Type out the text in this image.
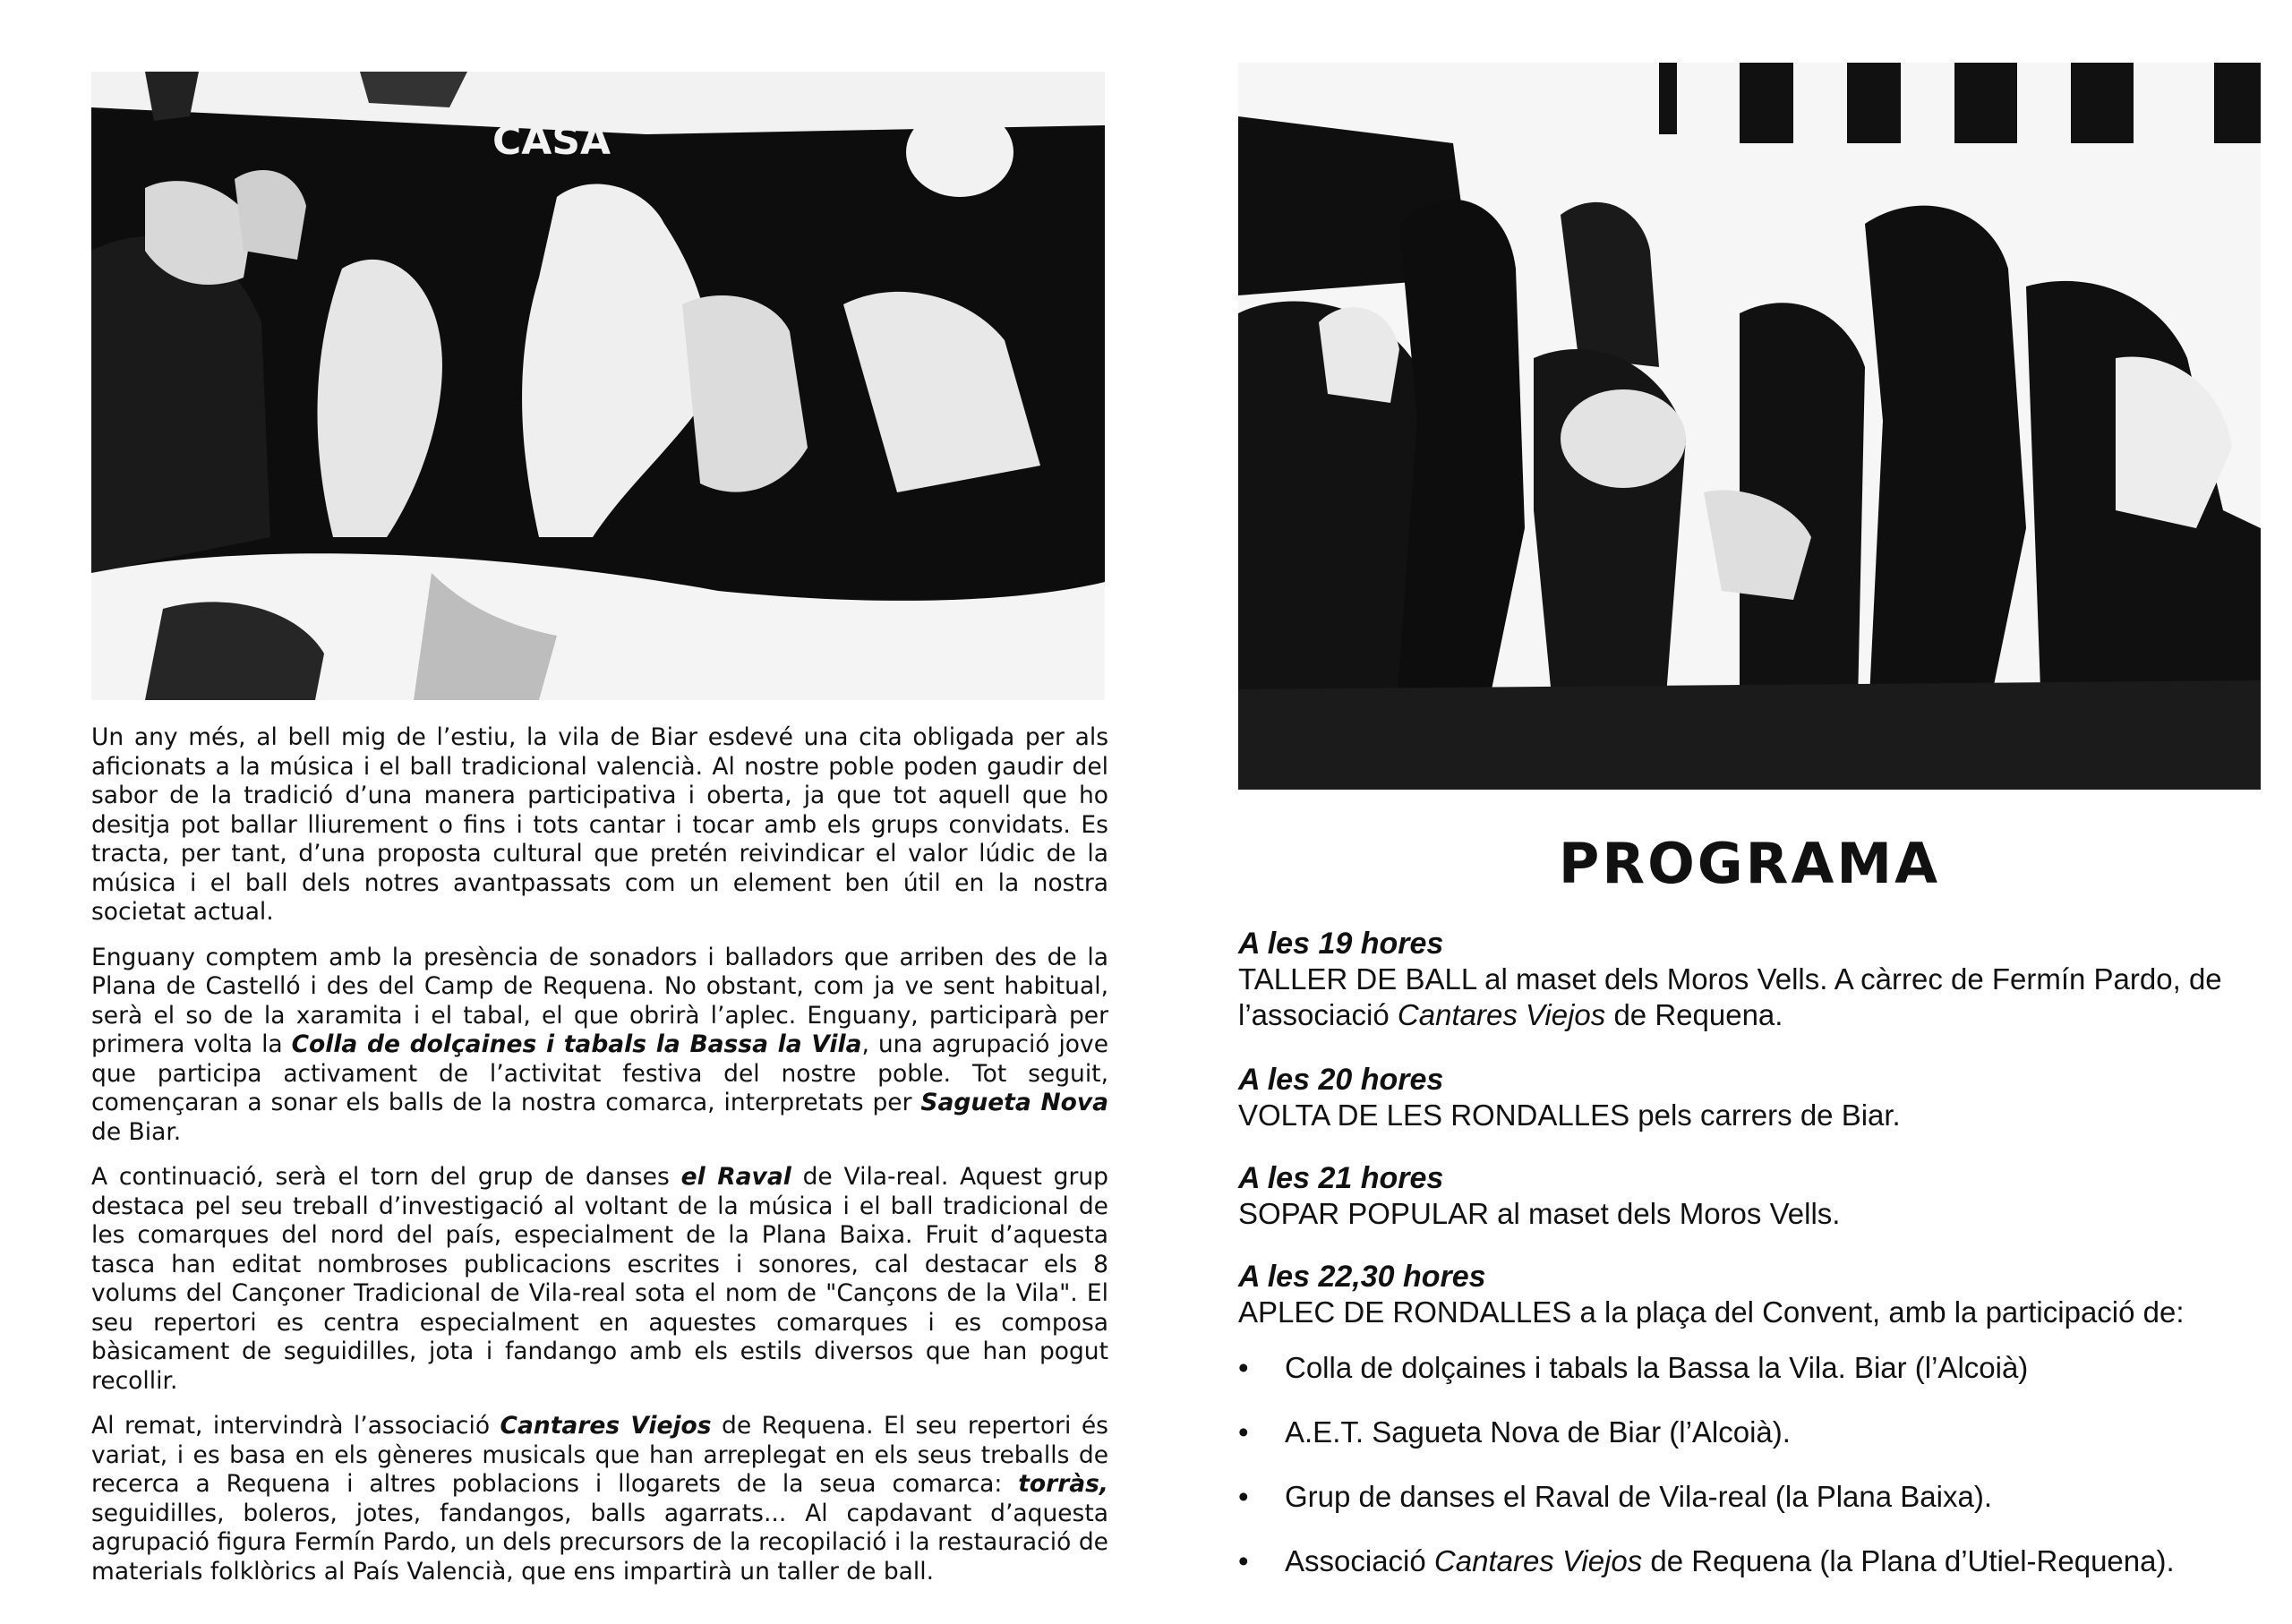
CASA

Un any més, al bell mig de l’estiu, la vila de Biar esdevé una cita obligada per als aficionats a la música i el ball tradicional valencià. Al nostre poble poden gaudir del sabor de la tradició d’una manera participativa i oberta, ja que tot aquell que ho desitja pot ballar lliurement o fins i tots cantar i tocar amb els grups convidats. Es tracta, per tant, d’una proposta cultural que pretén reivindicar el valor lúdic de la música i el ball dels notres avantpassats com un element ben útil en la nostra societat actual.

Enguany comptem amb la presència de sonadors i balladors que arriben des de la Plana de Castelló i des del Camp de Requena. No obstant, com ja ve sent habitual, serà el so de la xaramita i el tabal, el que obrirà l’aplec. Enguany, participarà per primera volta la Colla de dolçaines i tabals la Bassa la Vila, una agrupació jove que participa activament de l’activitat festiva del nostre poble. Tot seguit, començaran a sonar els balls de la nostra comarca, interpretats per Sagueta Nova de Biar.

A continuació, serà el torn del grup de danses el Raval de Vila-real. Aquest grup destaca pel seu treball d’investigació al voltant de la música i el ball tradicional de les comarques del nord del país, especialment de la Plana Baixa. Fruit d’aquesta tasca han editat nombroses publicacions escrites i sonores, cal destacar els 8 volums del Cançoner Tradicional de Vila-real sota el nom de "Cançons de la Vila". El seu repertori es centra especialment en aquestes comarques i es composa bàsicament de seguidilles, jota i fandango amb els estils diversos que han pogut recollir.

Al remat, intervindrà l’associació Cantares Viejos de Requena. El seu repertori és variat, i es basa en els gèneres musicals que han arreplegat en els seus treballs de recerca a Requena i altres poblacions i llogarets de la seua comarca: torràs, seguidilles, boleros, jotes, fandangos, balls agarrats... Al capdavant d’aquesta agrupació figura Fermín Pardo, un dels precursors de la recopilació i la restauració de materials folklòrics al País Valencià, que ens impartirà un taller de ball.

PROGRAMA
A les 19 hores
TALLER DE BALL al maset dels Moros Vells. A càrrec de Fermín Pardo, de l’associació Cantares Viejos de Requena.
A les 20 hores
VOLTA DE LES RONDALLES pels carrers de Biar.
A les 21 hores
SOPAR POPULAR al maset dels Moros Vells.
A les 22,30 hores
APLEC DE RONDALLES a la plaça del Convent, amb la participació de:
• Colla de dolçaines i tabals la Bassa la Vila. Biar (l’Alcoià)
• A.E.T. Sagueta Nova de Biar (l’Alcoià).
• Grup de danses el Raval de Vila-real (la Plana Baixa).
• Associació Cantares Viejos de Requena (la Plana d’Utiel-Requena).
